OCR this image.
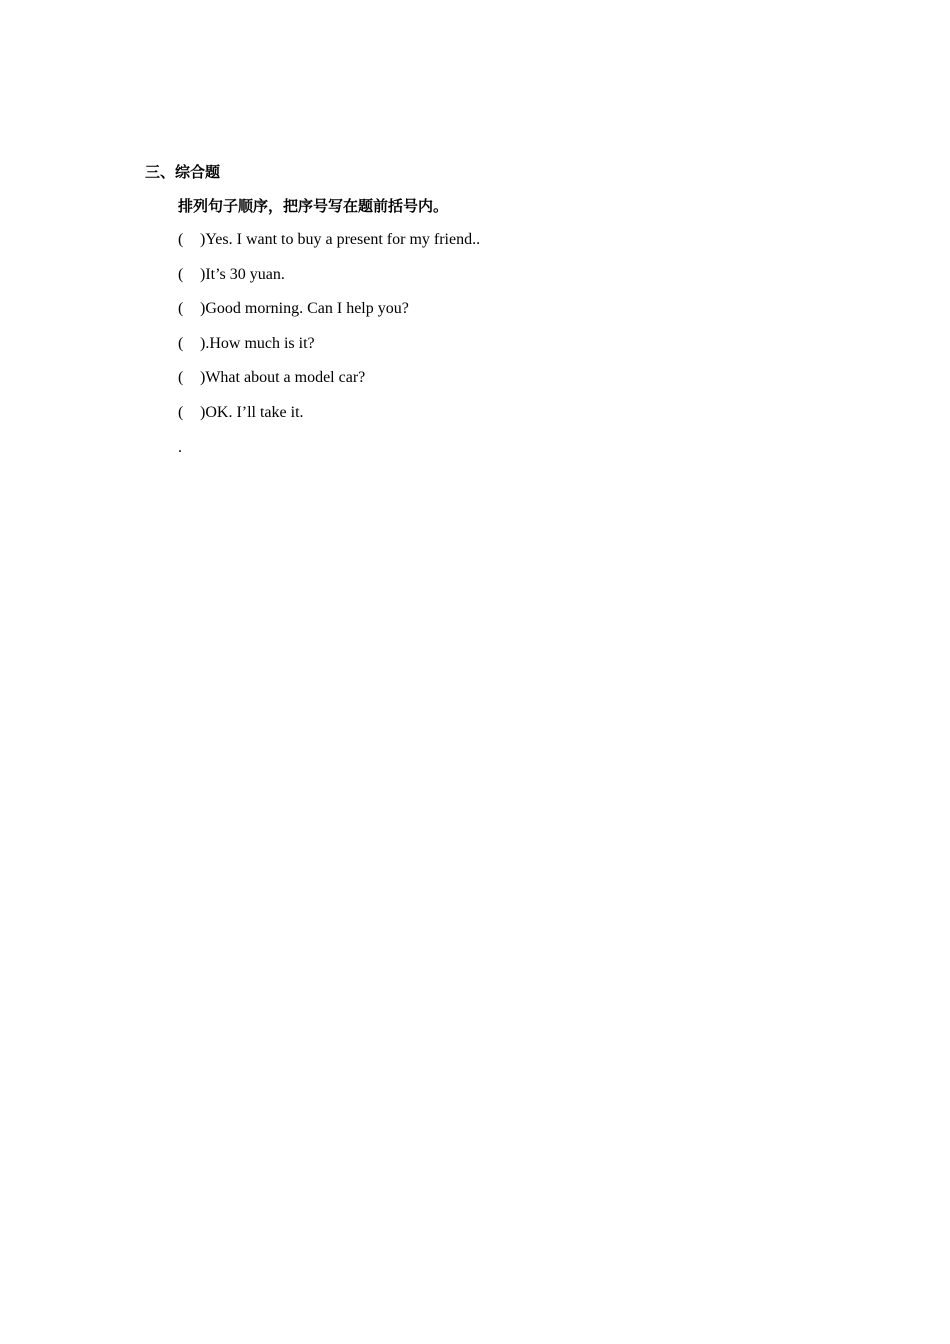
三、综合题
排列句子顺序，把序号写在题前括号内。
(	)Yes. I want to buy a present for my friend..
(	)It’s 30 yuan.
(	)Good morning. Can I help you?
(	).How much is it?
(	)What about a model car?
(	)OK. I’ll take it.
.
